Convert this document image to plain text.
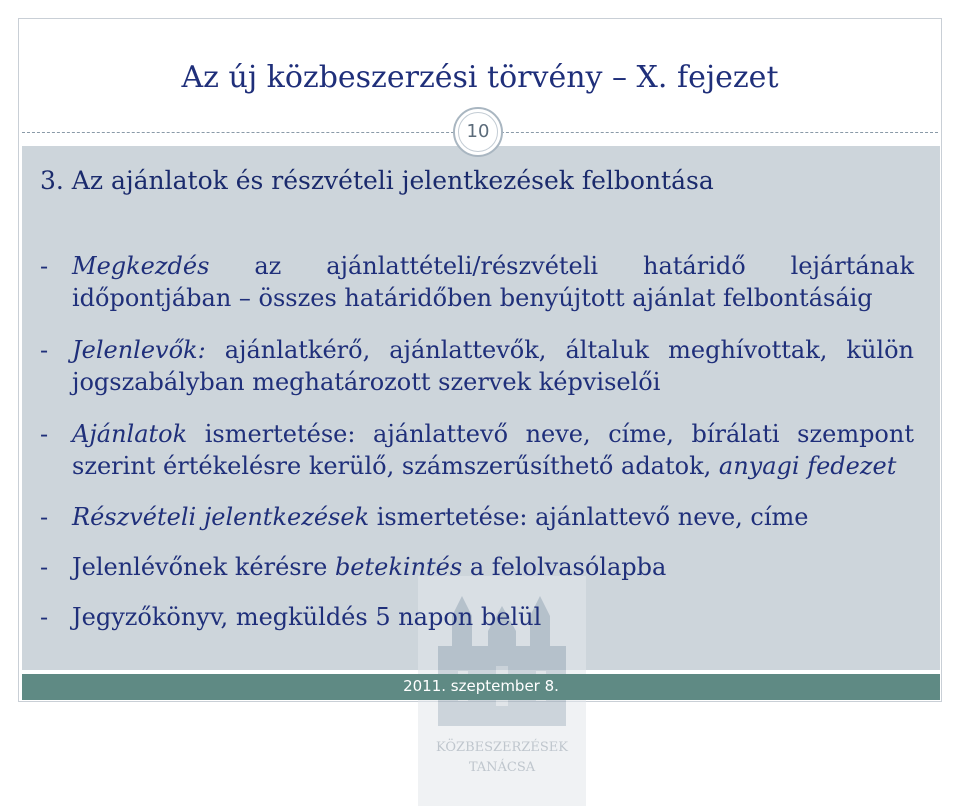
Az új közbeszerzési törvény – X. fejezet
KÖZBESZERZÉSEK
TANÁCSA
10
3. Az ajánlatok és részvételi jelentkezések felbontása
- Megkezdés az ajánlattételi/részvételi határidő lejártának
időpontjában – összes határidőben benyújtott ajánlat felbontásáig
- Jelenlevők: ajánlatkérő, ajánlattevők, általuk meghívottak, külön
jogszabályban meghatározott szervek képviselői
- Ajánlatok ismertetése: ajánlattevő neve, címe, bírálati szempont
szerint értékelésre kerülő, számszerűsíthető adatok, anyagi fedezet
- Részvételi jelentkezések ismertetése: ajánlattevő neve, címe
- Jelenlévőnek kérésre betekintés a felolvasólapba
- Jegyzőkönyv, megküldés 5 napon belül
2011. szeptember 8.
